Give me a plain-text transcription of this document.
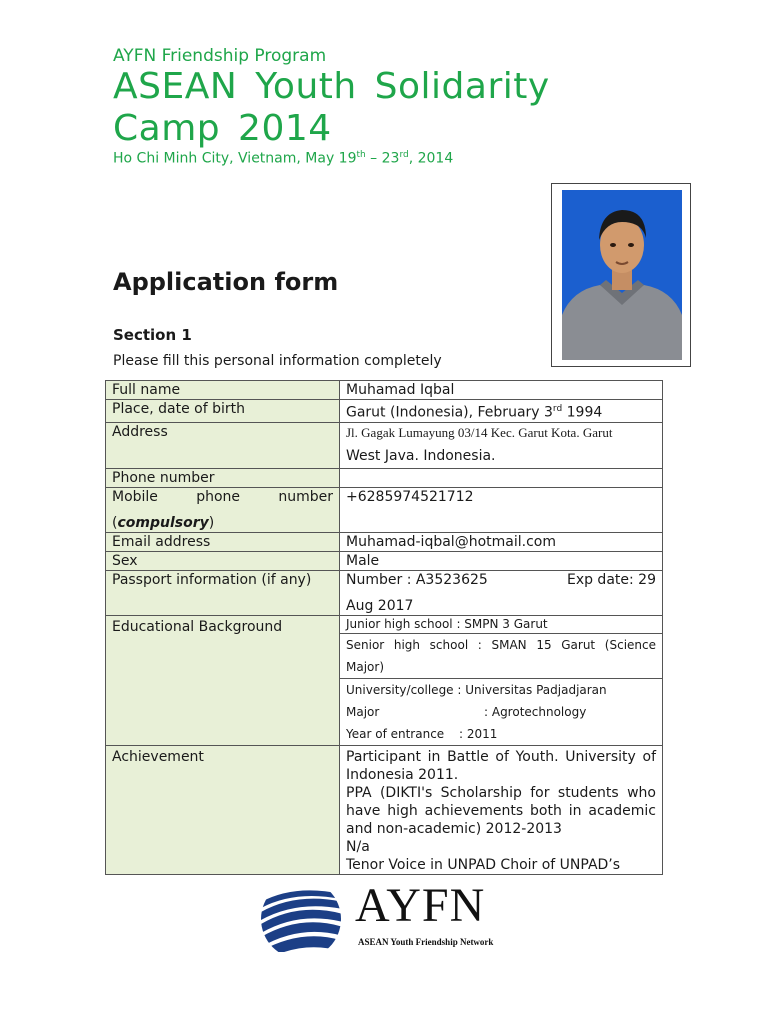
AYFN Friendship Program
ASEAN Youth Solidarity Camp 2014
Ho Chi Minh City, Vietnam, May 19th – 23rd, 2014
Application form
Section 1
Please fill this personal information completely
Full name	Muhamad Iqbal
Place, date of birth	Garut (Indonesia), February 3rd 1994
Address	Jl. Gagak Lumayung 03/14 Kec. Garut Kota. Garut
West Java. Indonesia.

Phone number	

Mobile phone number
(compulsory)	+6285974521712
Email address	Muhamad-iqbal@hotmail.com
Sex	Male
Passport information (if any)	Number : A3523625 Exp date: 29
Aug 2017

Educational Background	Junior high school : SMPN 3 Garut
Senior high school : SMAN 15 Garut (Science Major)
University/college : Universitas Padjadjaran
Major : Agrotechnology
Year of entrance : 2011

Achievement	Participant in Battle of Youth. University of Indonesia 2011.
PPA (DIKTI's Scholarship for students who have high achievements both in academic and non-academic) 2012-2013
N/a
Tenor Voice in UNPAD Choir of UNPAD’s
AYFN
ASEAN Youth Friendship Network
